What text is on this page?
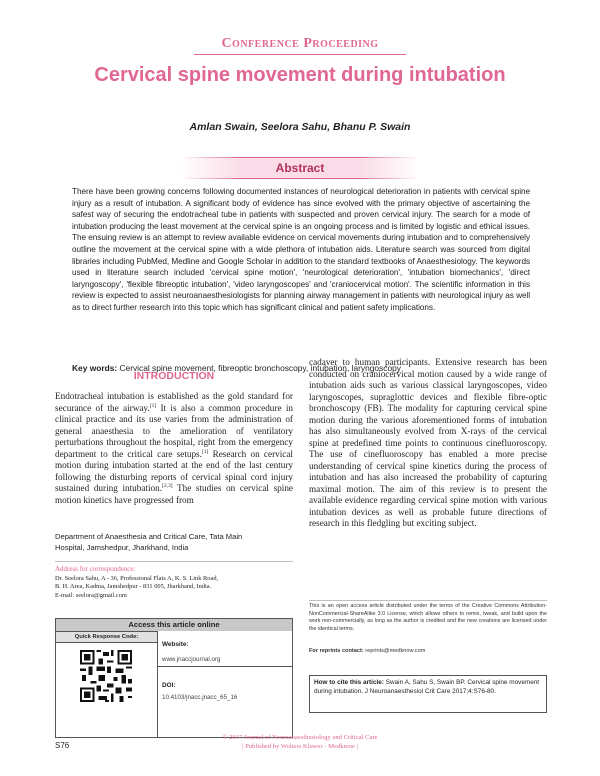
Conference Proceeding
Cervical spine movement during intubation
Amlan Swain, Seelora Sahu, Bhanu P. Swain
Abstract

There have been growing concerns following documented instances of neurological deterioration in patients with cervical spine injury as a result of intubation. A significant body of evidence has since evolved with the primary objective of ascertaining the safest way of securing the endotracheal tube in patients with suspected and proven cervical injury. The search for a mode of intubation producing the least movement at the cervical spine is an ongoing process and is limited by logistic and ethical issues. The ensuing review is an attempt to review available evidence on cervical movements during intubation and to comprehensively outline the movement at the cervical spine with a wide plethora of intubation aids. Literature search was sourced from digital libraries including PubMed, Medline and Google Scholar in addition to the standard textbooks of Anaesthesiology. The keywords used in literature search included 'cervical spine motion', 'neurological deterioration', 'intubation biomechanics', 'direct laryngoscopy', 'flexible fibreoptic intubation', 'video laryngoscopes' and 'craniocervical motion'. The scientific information in this review is expected to assist neuroanaesthesiologists for planning airway management in patients with neurological injury as well as to direct further research into this topic which has significant clinical and patient safety implications.

Key words: Cervical spine movement, fibreoptic bronchoscopy, intubation, laryngoscopy

INTRODUCTION

Endotracheal intubation is established as the gold standard for securance of the airway.[1] It is also a common procedure in clinical practice and its use varies from the administration of general anaesthesia to the amelioration of ventilatory perturbations throughout the hospital, right from the emergency department to the critical care setups.[1] Research on cervical motion during intubation started at the end of the last century following the disturbing reports of cervical spinal cord injury sustained during intubation.[2,3] The studies on cervical spine motion kinetics have progressed from

cadaver to human participants. Extensive research has been conducted on craniocervical motion caused by a wide range of intubation aids such as various classical laryngoscopes, video laryngoscopes, supraglottic devices and flexible fibre-optic bronchoscopy (FB). The modality for capturing cervical spine motion during the various aforementioned forms of intubation has also simultaneously evolved from X-rays of the cervical spine at predefined time points to continuous cinefluoroscopy. The use of cinefluoroscopy has enabled a more precise understanding of cervical spine kinetics during the process of intubation and has also increased the probability of capturing maximal motion. The aim of this review is to present the available evidence regarding cervical spine motion with various intubation devices as well as probable future directions of research in this fledgling but exciting subject.

Department of Anaesthesia and Critical Care, Tata Main
Hospital, Jamshedpur, Jharkhand, India
Address for correspondence:
Dr. Seelora Sahu, A - 36, Professional Flats A, K. S. Link Road,
B. H. Area, Kadma, Jamshedpur - 831 005, Jharkhand, India.
E-mail: seelora@gmail.com
Access this article online
Quick Response Code:
Website:
www.jnaccjournal.org
DOI:
10.4103/jnacc.jnacc_65_16

This is an open access article distributed under the terms of the Creative Commons Attribution-NonCommercial-ShareAlike 3.0 License, which allows others to remix, tweak, and build upon the work non-commercially, as long as the author is credited and the new creations are licensed under the identical terms.

For reprints contact: reprints@medknow.com

How to cite this article: Swain A, Sahu S, Swain BP. Cervical spine movement during intubation. J Neuroanaesthesiol Crit Care 2017;4:S76-80.
S76
© 2017 Journal of Neuroanaesthesiology and Critical Care
| Published by Wolters Kluwer - Medknow |
